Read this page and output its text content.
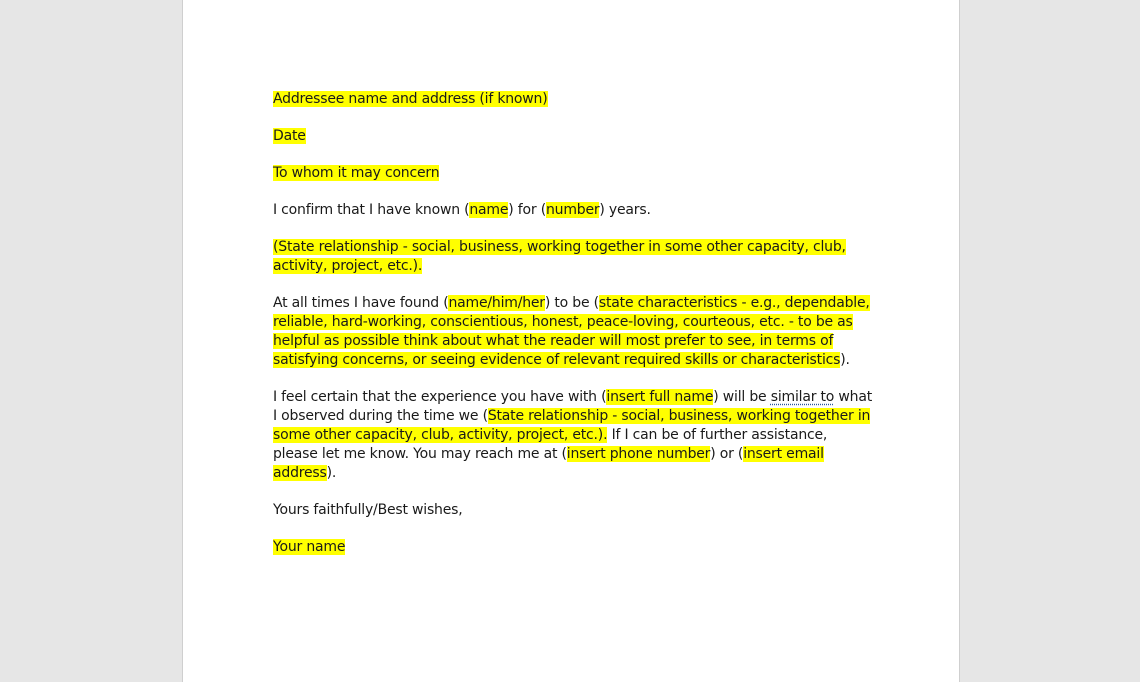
Addressee name and address (if known)

Date

To whom it may concern

I confirm that I have known (name) for (number) years.

(State relationship - social, business, working together in some other capacity, club, activity, project, etc.).

At all times I have found (name/him/her) to be (state characteristics - e.g., dependable, reliable, hard-working, conscientious, honest, peace-loving, courteous, etc. - to be as helpful as possible think about what the reader will most prefer to see, in terms of satisfying concerns, or seeing evidence of relevant required skills or characteristics).

I feel certain that the experience you have with (insert full name) will be similar to what I observed during the time we (State relationship - social, business, working together in some other capacity, club, activity, project, etc.). If I can be of further assistance, please let me know. You may reach me at (insert phone number) or (insert email address).

Yours faithfully/Best wishes,

Your name
